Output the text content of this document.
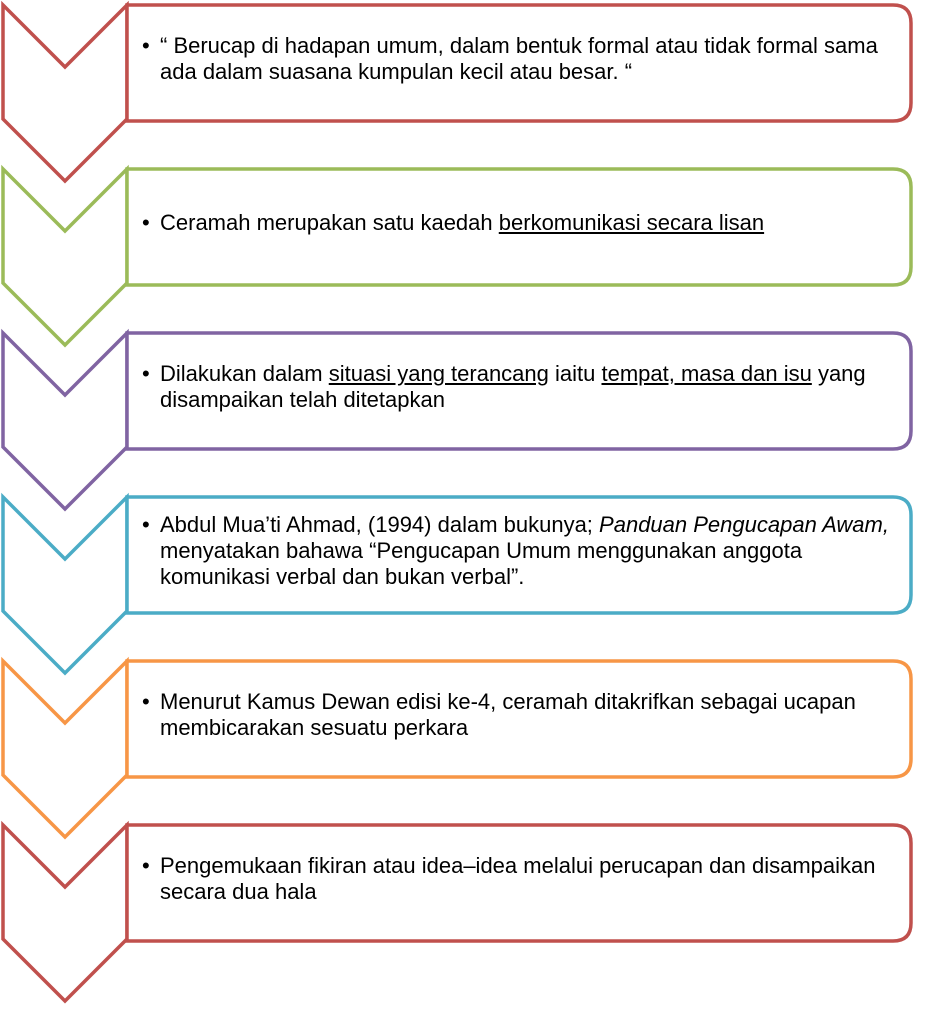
• “ Berucap di hadapan umum, dalam bentuk formal atau tidak formal sama ada dalam suasana kumpulan kecil atau besar. “
• Ceramah merupakan satu kaedah berkomunikasi secara lisan
• Dilakukan dalam situasi yang terancang iaitu tempat, masa dan isu yang disampaikan telah ditetapkan
• Abdul Mua’ti Ahmad, (1994) dalam bukunya; Panduan Pengucapan Awam, menyatakan bahawa “Pengucapan Umum menggunakan anggota komunikasi verbal dan bukan verbal”.
• Menurut Kamus Dewan edisi ke-4, ceramah ditakrifkan sebagai ucapan membicarakan sesuatu perkara
• Pengemukaan fikiran atau idea–idea melalui perucapan dan disampaikan secara dua hala
